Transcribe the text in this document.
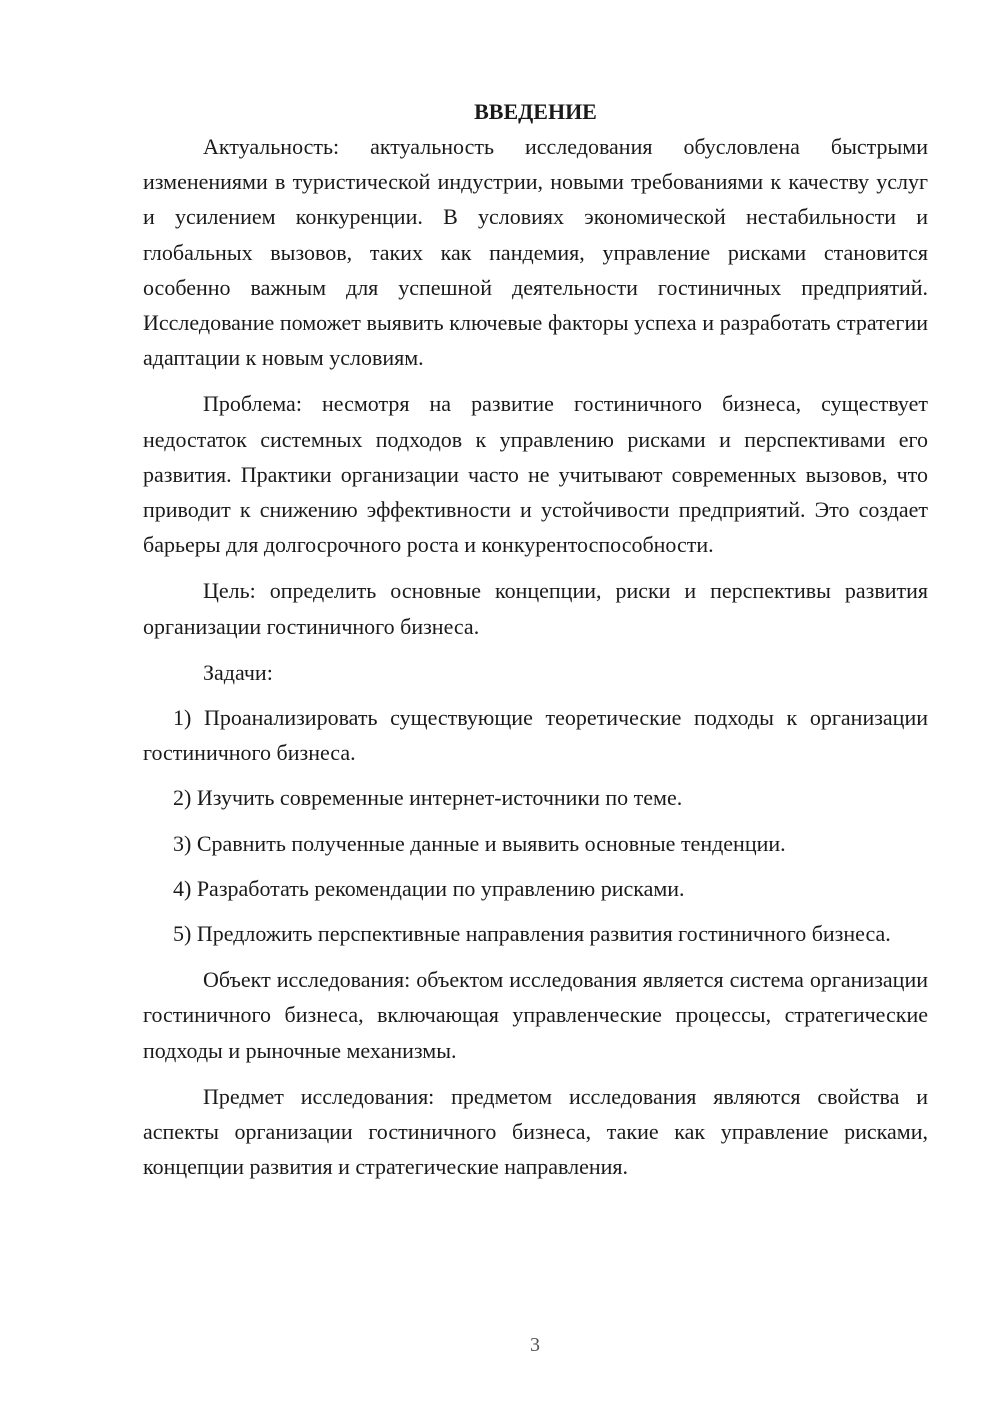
ВВЕДЕНИЕ

Актуальность: актуальность исследования обусловлена быстрыми изменениями в туристической индустрии, новыми требованиями к качеству услуг и усилением конкуренции. В условиях экономической нестабильности и глобальных вызовов, таких как пандемия, управление рисками становится особенно важным для успешной деятельности гостиничных предприятий. Исследование поможет выявить ключевые факторы успеха и разработать стратегии адаптации к новым условиям.

Проблема: несмотря на развитие гостиничного бизнеса, существует недостаток системных подходов к управлению рисками и перспективами его развития. Практики организации часто не учитывают современных вызовов, что приводит к снижению эффективности и устойчивости предприятий. Это создает барьеры для долгосрочного роста и конкурентоспособности.

Цель: определить основные концепции, риски и перспективы развития организации гостиничного бизнеса.

Задачи:

1) Проанализировать существующие теоретические подходы к организации гостиничного бизнеса.

2) Изучить современные интернет-источники по теме.

3) Сравнить полученные данные и выявить основные тенденции.

4) Разработать рекомендации по управлению рисками.

5) Предложить перспективные направления развития гостиничного бизнеса.

Объект исследования: объектом исследования является система организации гостиничного бизнеса, включающая управленческие процессы, стратегические подходы и рыночные механизмы.

Предмет исследования: предметом исследования являются свойства и аспекты организации гостиничного бизнеса, такие как управление рисками, концепции развития и стратегические направления.

3
